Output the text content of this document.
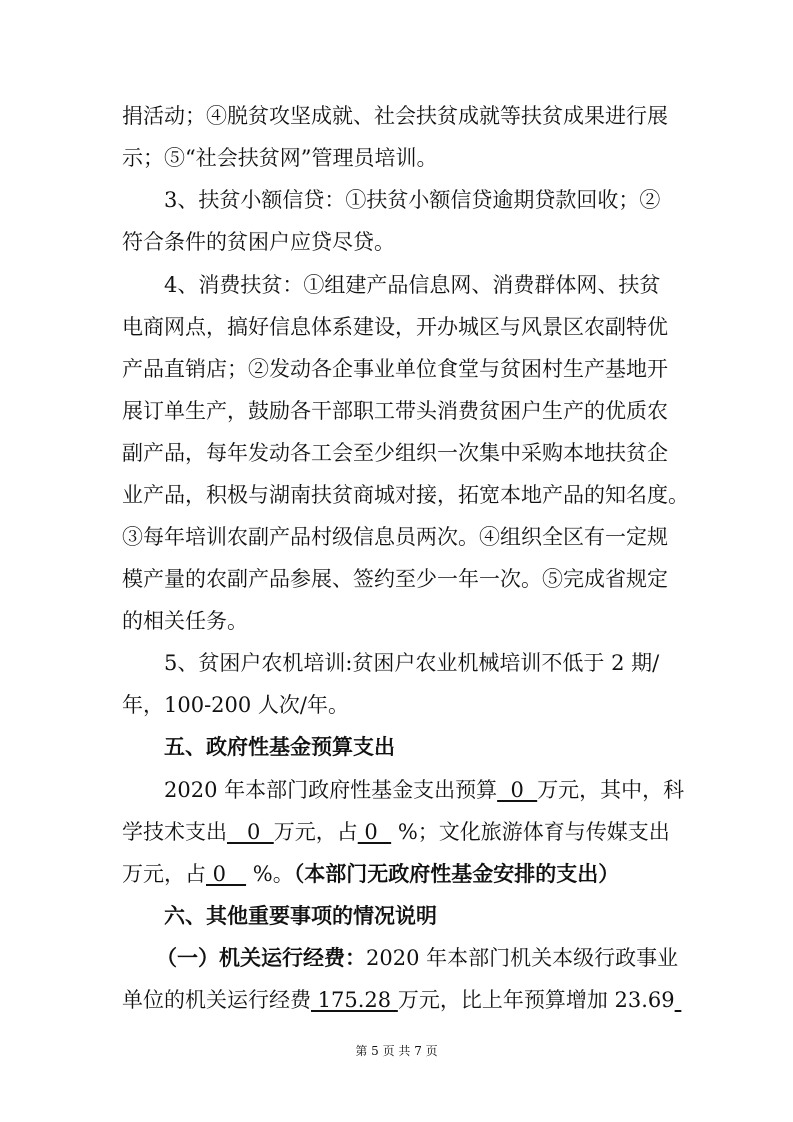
捐活动；④脱贫攻坚成就、社会扶贫成就等扶贫成果进行展
示；⑤“社会扶贫网”管理员培训。
3、扶贫小额信贷：①扶贫小额信贷逾期贷款回收；②
符合条件的贫困户应贷尽贷。
4、消费扶贫：①组建产品信息网、消费群体网、扶贫
电商网点，搞好信息体系建设，开办城区与风景区农副特优
产品直销店；②发动各企事业单位食堂与贫困村生产基地开
展订单生产，鼓励各干部职工带头消费贫困户生产的优质农
副产品，每年发动各工会至少组织一次集中采购本地扶贫企
业产品，积极与湖南扶贫商城对接，拓宽本地产品的知名度。
③每年培训农副产品村级信息员两次。④组织全区有一定规
模产量的农副产品参展、签约至少一年一次。⑤完成省规定
的相关任务。
5、贫困户农机培训:贫困户农业机械培训不低于 2 期/
年，100-200 人次/年。
五、政府性基金预算支出
2020 年本部门政府性基金支出预算  0  万元，其中，科
学技术支出   0  万元，占 0   %；文化旅游体育与传媒支出
万元，占 0    %。（本部门无政府性基金安排的支出）
六、其他重要事项的情况说明
（一）机关运行经费：2020 年本部门机关本级行政事业
单位的机关运行经费 175.28 万元，比上年预算增加 23.69
第 5 页 共 7 页
